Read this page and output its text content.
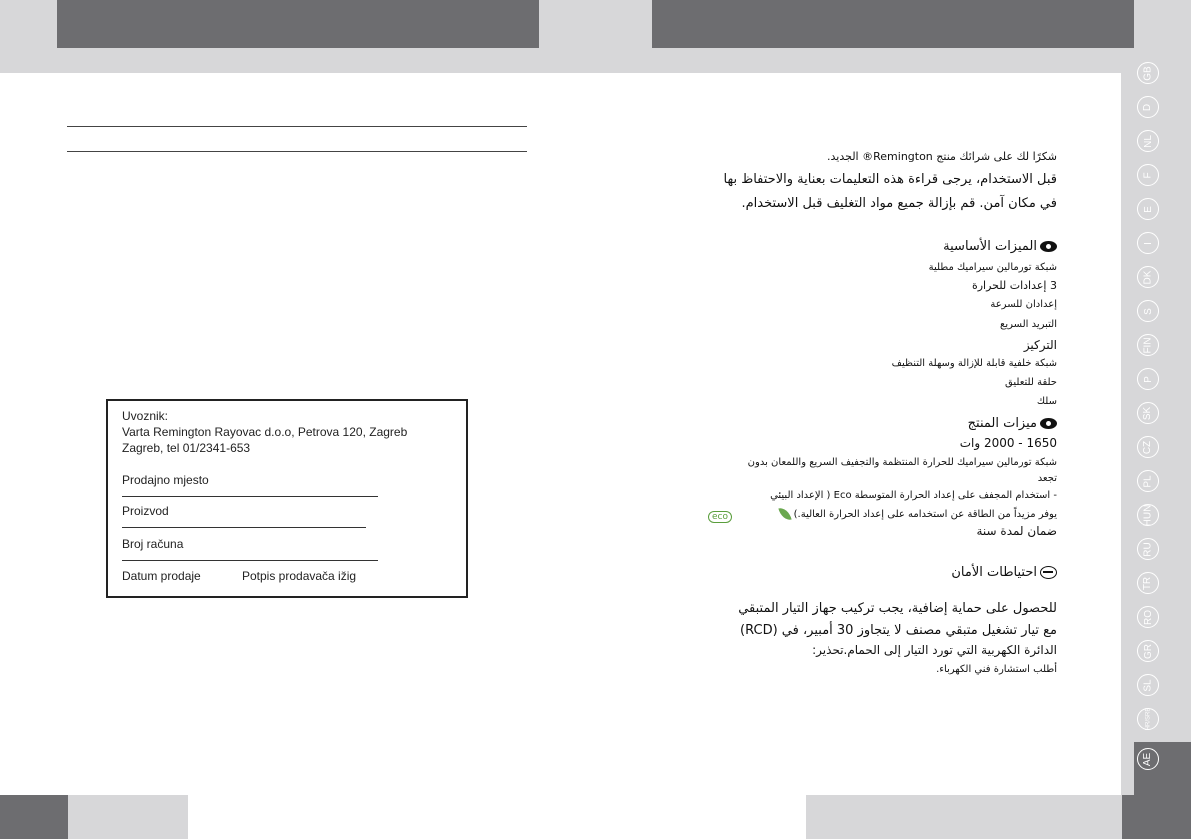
Uvoznik:
Varta Remington Rayovac d.o.o, Petrova 120, Zagreb
Zagreb, tel 01/2341-653
Prodajno mjesto
Proizvod
Broj računa
Datum prodaje	Potpis prodavača ižig
شكرًا لك على شرائك منتج Remington® الجديد.
قبل الاستخدام، يرجى قراءة هذه التعليمات بعناية والاحتفاظ بها
في مكان آمن. قم بإزالة جميع مواد التغليف قبل الاستخدام.
الميزات الأساسية
شبكة تورمالين سيراميك مطلية
3 إعدادات للحرارة
إعدادان للسرعة
التبريد السريع
التركيز
شبكة خلفية قابلة للإزالة وسهلة التنظيف
حلقة للتعليق
سلك
ميزات المنتج
1650 - 2000 وات
شبكة تورمالين سيراميك للحرارة المنتظمة والتجفيف السريع واللمعان بدون
تجعد
- استخدام المجفف على إعداد الحرارة المتوسطة Eco ( الإعداد البيئي
يوفر مزيداً من الطاقة عن استخدامه على إعداد الحرارة العالية.)
eco
ضمان لمدة سنة
احتياطات الأمان
للحصول على حماية إضافية، يجب تركيب جهاز التيار المتبقي
مع تيار تشغيل متبقي مصنف لا يتجاوز 30 أمبير، في (RCD)
الدائرة الكهربية التي تورد التيار إلى الحمام.تحذير:
أطلب استشارة فني الكهرباء.
GB
D
NL
F
E
I
DK
S
FIN
P
SK
CZ
PL
HUN
RU
TR
RO
GR
SL
HR/SRB
AE
